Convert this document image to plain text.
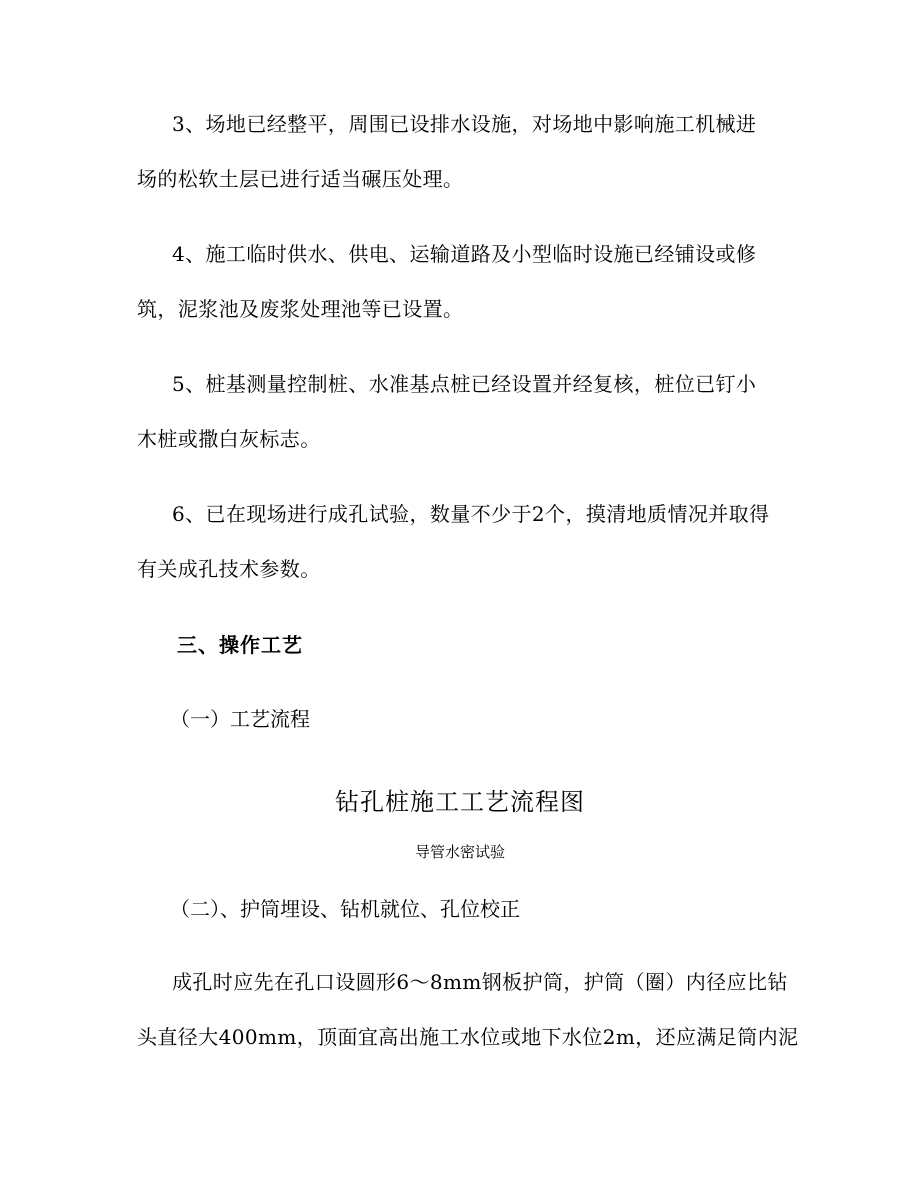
3、场地已经整平，周围已设排水设施，对场地中影响施工机械进
场的松软土层已进行适当碾压处理。
4、施工临时供水、供电、运输道路及小型临时设施已经铺设或修
筑，泥浆池及废浆处理池等已设置。
5、桩基测量控制桩、水准基点桩已经设置并经复核，桩位已钉小
木桩或撒白灰标志。
6、已在现场进行成孔试验，数量不少于2个，摸清地质情况并取得
有关成孔技术参数。
三、操作工艺
（一）工艺流程
钻孔桩施工工艺流程图
导管水密试验
（二）、护筒埋设、钻机就位、孔位校正
成孔时应先在孔口设圆形6～8mm钢板护筒，护筒（圈）内径应比钻
头直径大400mm，顶面宜高出施工水位或地下水位2m，还应满足筒内泥
